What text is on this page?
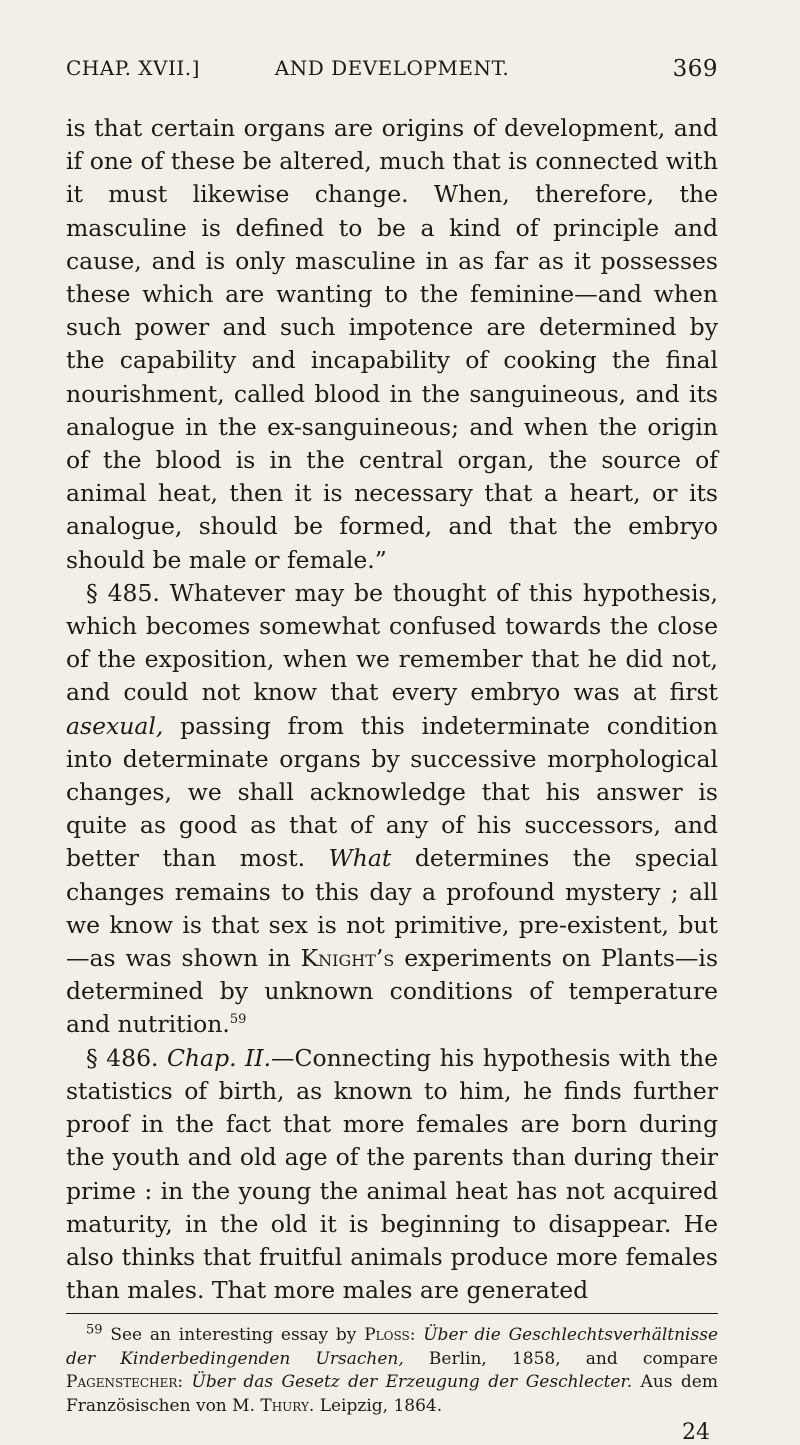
CHAP. XVII.]	AND DEVELOPMENT.	369

is that certain organs are origins of development, and if one of these be altered, much that is connected with it must likewise change. When, therefore, the masculine is defined to be a kind of principle and cause, and is only masculine in as far as it possesses these which are wanting to the feminine—and when such power and such impotence are determined by the capability and incapability of cooking the final nourishment, called blood in the sanguineous, and its analogue in the ex-sanguineous; and when the origin of the blood is in the central organ, the source of animal heat, then it is necessary that a heart, or its analogue, should be formed, and that the embryo should be male or female.”

§ 485. Whatever may be thought of this hypothesis, which becomes somewhat confused towards the close of the exposition, when we remember that he did not, and could not know that every embryo was at first asexual, passing from this indeterminate condition into determinate organs by successive morphological changes, we shall acknowledge that his answer is quite as good as that of any of his successors, and better than most. What determines the special changes remains to this day a profound mystery ; all we know is that sex is not primitive, pre-existent, but—as was shown in Knight’s experiments on Plants—is determined by unknown conditions of temperature and nutrition.$^{59}$

§ 486. Chap. II.—Connecting his hypothesis with the statistics of birth, as known to him, he finds further proof in the fact that more females are born during the youth and old age of the parents than during their prime : in the young the animal heat has not acquired maturity, in the old it is beginning to disappear. He also thinks that fruitful animals produce more females than males. That more males are generated

$^{59}$ See an interesting essay by Ploss: Über die Geschlechtsverhältnisse der Kinderbedingenden Ursachen, Berlin, 1858, and compare Pagenstecher: Über das Gesetz der Erzeugung der Geschlecter. Aus dem Französischen von M. Thury. Leipzig, 1864.
24
